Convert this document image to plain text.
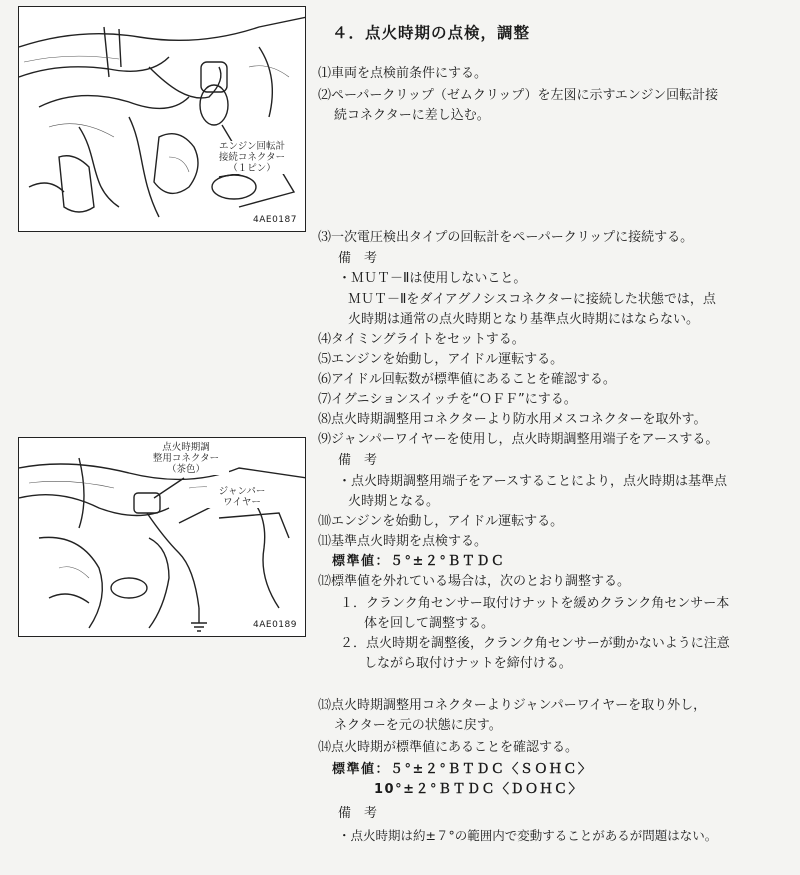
エンジン回転計
接続コネクター
（１ピン）
4AE0187
点火時期調
整用コネクター
（茶色）
ジャンパー
ワイヤー
4AE0189
４．点火時期の点検，調整
⑴車両を点検前条件にする。
⑵ペーパークリップ（ゼムクリップ）を左図に示すエンジン回転計接
続コネクターに差し込む。
⑶一次電圧検出タイプの回転計をペーパークリップに接続する。
備　考
・ＭＵＴ－Ⅱは使用しないこと。
ＭＵＴ－Ⅱをダイアグノシスコネクターに接続した状態では，点
火時期は通常の点火時期となり基準点火時期にはならない。
⑷タイミングライトをセットする。
⑸エンジンを始動し，アイドル運転する。
⑹アイドル回転数が標準値にあることを確認する。
⑺イグニションスイッチを“ＯＦＦ”にする。
⑻点火時期調整用コネクターより防水用メスコネクターを取外す。
⑼ジャンパーワイヤーを使用し，点火時期調整用端子をアースする。
備　考
・点火時期調整用端子をアースすることにより，点火時期は基準点
火時期となる。
⑽エンジンを始動し，アイドル運転する。
⑾基準点火時期を点検する。
標準値：５°±２°ＢＴＤＣ
⑿標準値を外れている場合は，次のとおり調整する。
１．クランク角センサー取付けナットを緩めクランク角センサー本
体を回して調整する。
２．点火時期を調整後，クランク角センサーが動かないように注意
しながら取付けナットを締付ける。
⒀点火時期調整用コネクターよりジャンパーワイヤーを取り外し，
ネクターを元の状態に戻す。
⒁点火時期が標準値にあることを確認する。
標準値：５°±２°ＢＴＤＣ〈ＳＯＨＣ〉
10°±２°ＢＴＤＣ〈ＤＯＨＣ〉
備　考
・点火時期は約±７°の範囲内で変動することがあるが問題はない。
